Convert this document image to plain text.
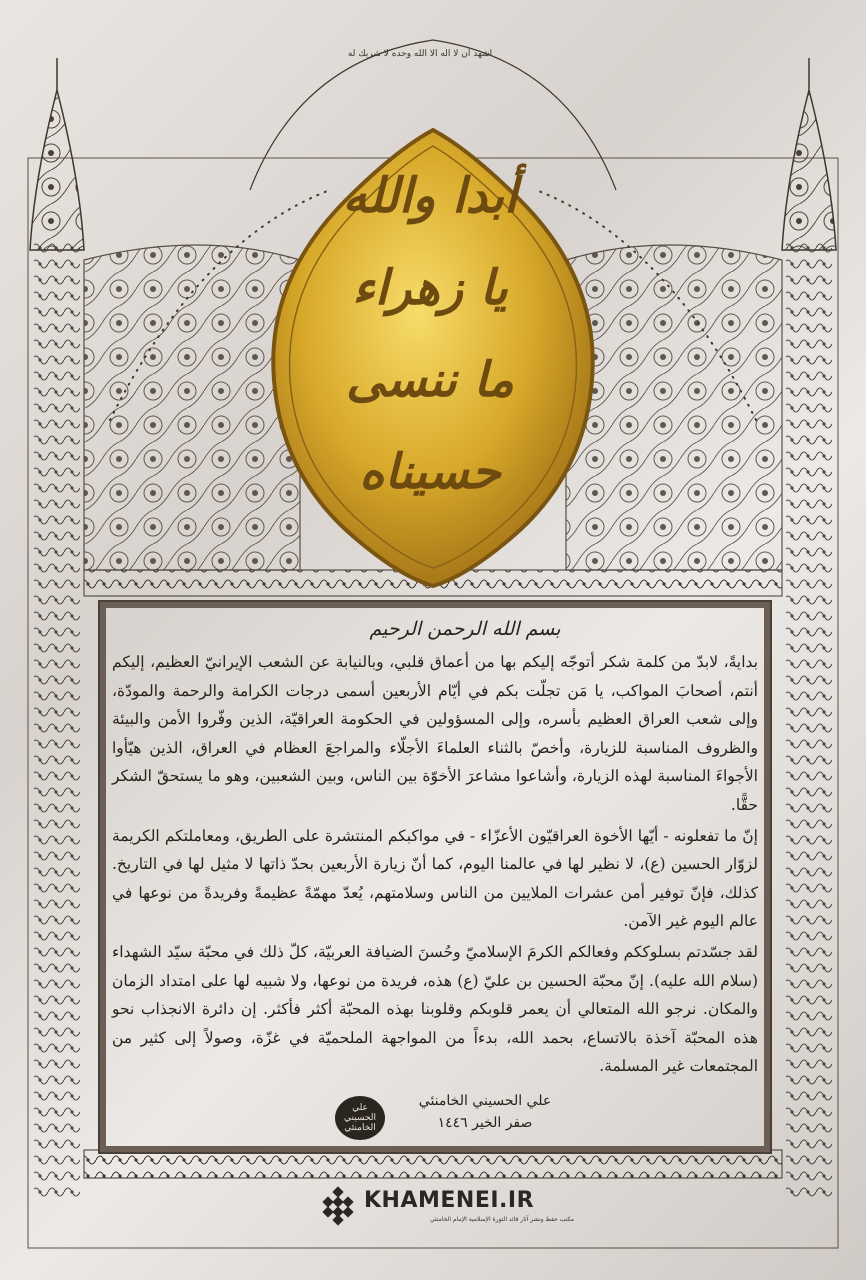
اشهد ان لا اله الا الله وحده لا شريك له
أبدا والله
يا زهراء
ما ننسى
حسيناه
بسم الله الرحمن الرحيم

بدايةً، لابدّ من كلمة شكر أتوجّه إليكم بها من أعماق قلبي، وبالنيابة عن الشعب الإيرانيّ العظيم، إليكم أنتم، أصحابَ المواكب، يا مَن تجلّت بكم في أيّام الأربعين أسمى درجات الكرامة والرحمة والمودّة، وإلى شعب العراق العظيم بأسره، وإلى المسؤولين في الحكومة العراقيّة، الذين وفّروا الأمن والبيئة والظروف المناسبة للزيارة، وأخصّ بالثناء العلماءَ الأجلّاء والمراجعَ العظام في العراق، الذين هيّأوا الأجواءَ المناسبة لهذه الزيارة، وأشاعوا مشاعرَ الأخوّة بين الناس، وبين الشعبين، وهو ما يستحقّ الشكر حقًّا.

إنّ ما تفعلونه - أيّها الأخوة العراقيّون الأعزّاء - في مواكبكم المنتشرة على الطريق، ومعاملتكم الكريمة لزوّار الحسين (ع)، لا نظير لها في عالمنا اليوم، كما أنّ زيارة الأربعين بحدّ ذاتها لا مثيل لها في التاريخ. كذلك، فإنّ توفير أمن عشرات الملايين من الناس وسلامتهم، يُعدّ مهمّةً عظيمةً وفريدةً من نوعها في عالم اليوم غير الآمن.

لقد جسّدتم بسلوككم وفعالكم الكرمَ الإسلاميّ وحُسنَ الضيافة العربيّة، كلّ ذلك في محبّة سيّد الشهداء (سلام الله عليه). إنّ محبّة الحسين بن عليّ (ع) هذه، فريدة من نوعها، ولا شبيه لها على امتداد الزمان والمكان. نرجو الله المتعالي أن يعمر قلوبكم وقلوبنا بهذه المحبّة أكثر فأكثر. إن دائرة الانجذاب نحو هذه المحبّة آخذة بالاتساع، بحمد الله، بدءاً من المواجهة الملحميّة في غزّة، وصولاً إلى كثير من المجتمعات غير المسلمة.

علي الحسيني الخامنئي
علي الحسيني الخامنئي
صفر الخير ١٤٤٦
KHAMENEI.IR
مكتب حفظ ونشر آثار قائد الثورة الإسلامية الإمام الخامنئي
